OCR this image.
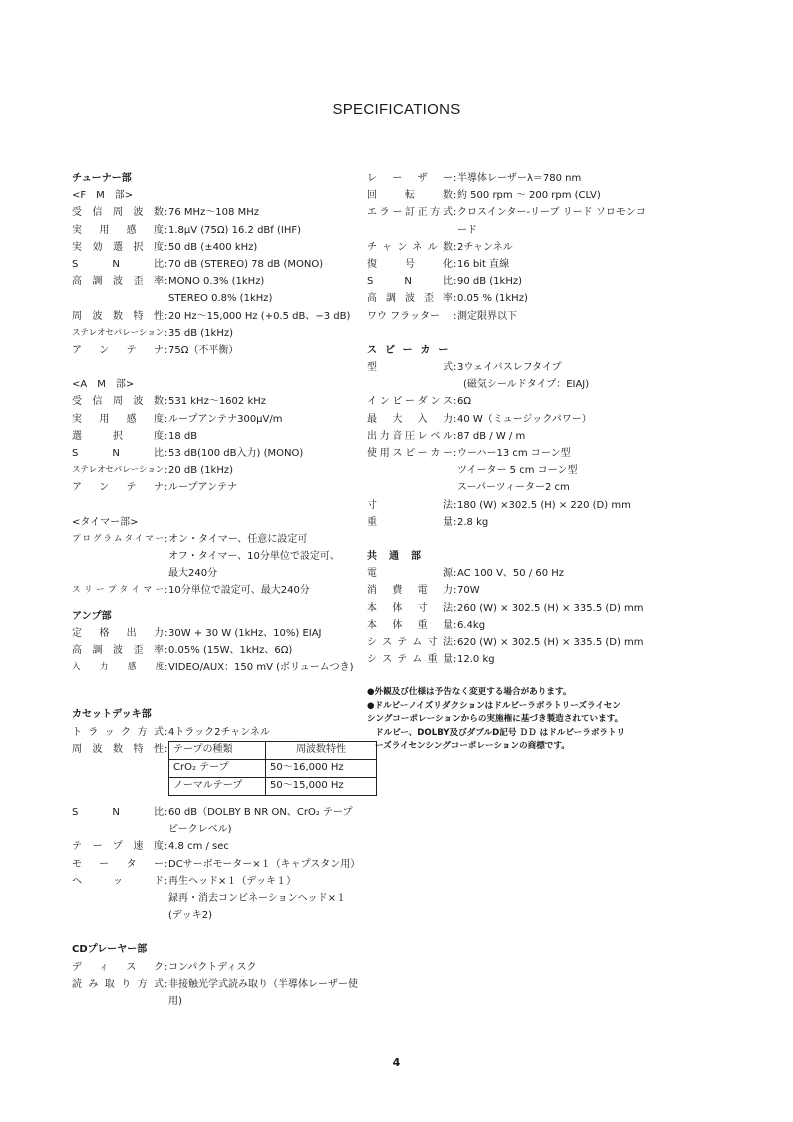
SPECIFICATIONS
チューナー部
<F　M　部>
受信周波数 : 76 MHz〜108 MHz
実用感度 : 1.8μV (75Ω) 16.2 dBf (IHF)
実効選択度 : 50 dB (±400 kHz)
S　N　比 : 70 dB (STEREO) 78 dB (MONO)
高調波歪率 : MONO 0.3% (1kHz)
STEREO 0.8% (1kHz)
周波数特性 : 20 Hz〜15,000 Hz (+0.5 dB、−3 dB)
ステレオセパレーション : 35 dB (1kHz)
アンテナ : 75Ω（不平衡）
<A　M　部>
受信周波数 : 531 kHz〜1602 kHz
実用感度 : ループアンテナ300μV/m
選択度 : 18 dB
S　N　比 : 53 dB(100 dB入力) (MONO)
ステレオセパレーション : 20 dB (1kHz)
アンテナ : ループアンテナ
<タイマー部>
プログラムタイマー : オン・タイマー、任意に設定可
オフ・タイマー、10分単位で設定可、
最大240分
スリープタイマー : 10分単位で設定可、最大240分
アンプ部
定格出力 : 30W + 30 W (1kHz、10%) EIAJ
高調波歪率 : 0.05% (15W、1kHz、6Ω)
入力感度 : VIDEO/AUX：150 mV (ボリュームつき)
カセットデッキ部
トラック方式 : 4トラック2チャンネル
周波数特性 : テープの種類	周波数特性
CrO₂ テープ	50〜16,000 Hz
ノーマルテープ	50〜15,000 Hz
S　N　比 : 60 dB（DOLBY B NR ON、CrO₂ テープ
ピークレベル)
テープ速度 : 4.8 cm / sec
モーター : DCサーボモーター×１（キャプスタン用）
ヘッド : 再生ヘッド×１（デッキ１）
録再・消去コンビネーションヘッド×１
(デッキ2)
CDプレーヤー部
ディスク : コンパクトディスク
読み取り方式 : 非接触光学式読み取り（半導体レーザー使
用)
レーザー : 半導体レーザーλ＝780 nm
回転数 : 約 500 rpm 〜 200 rpm (CLV)
エラー訂正方式 : クロスインター-リーブ リード ソロモンコ
ード
チャンネル数 : 2チャンネル
復号化 : 16 bit 直線
S　N　比 : 90 dB (1kHz)
高調波歪率 : 0.05 % (1kHz)
ワウ フラッター	: 測定限界以下
スピーカー
型式 : 3ウェイバスレフタイプ
(磁気シールドタイプ：EIAJ)
インピーダンス : 6Ω
最大入力 : 40 W（ミュージックパワー）
出力音圧レベル : 87 dB / W / m
使用スピーカー : ウーハー13 cm コーン型
ツイーター 5 cm コーン型
スーパーツィーター2 cm
寸法 : 180 (W) ×302.5 (H) × 220 (D) mm
重量 : 2.8 kg
共通部
電源 : AC 100 V、50 / 60 Hz
消費電力 : 70W
本体寸法 : 260 (W) × 302.5 (H) × 335.5 (D) mm
本体重量 : 6.4kg
システム寸法 : 620 (W) × 302.5 (H) × 335.5 (D) mm
システム重量 : 12.0 kg

●外観及び仕様は予告なく変更する場合があります。

●ドルビーノイズリダクションはドルビーラボラトリーズライセンシングコーポレーションからの実施権に基づき製造されています。

ドルビー、DOLBY及びダブルD記号 ＤＤ はドルビーラボラトリーズライセンシングコーポレーションの商標です。

4
